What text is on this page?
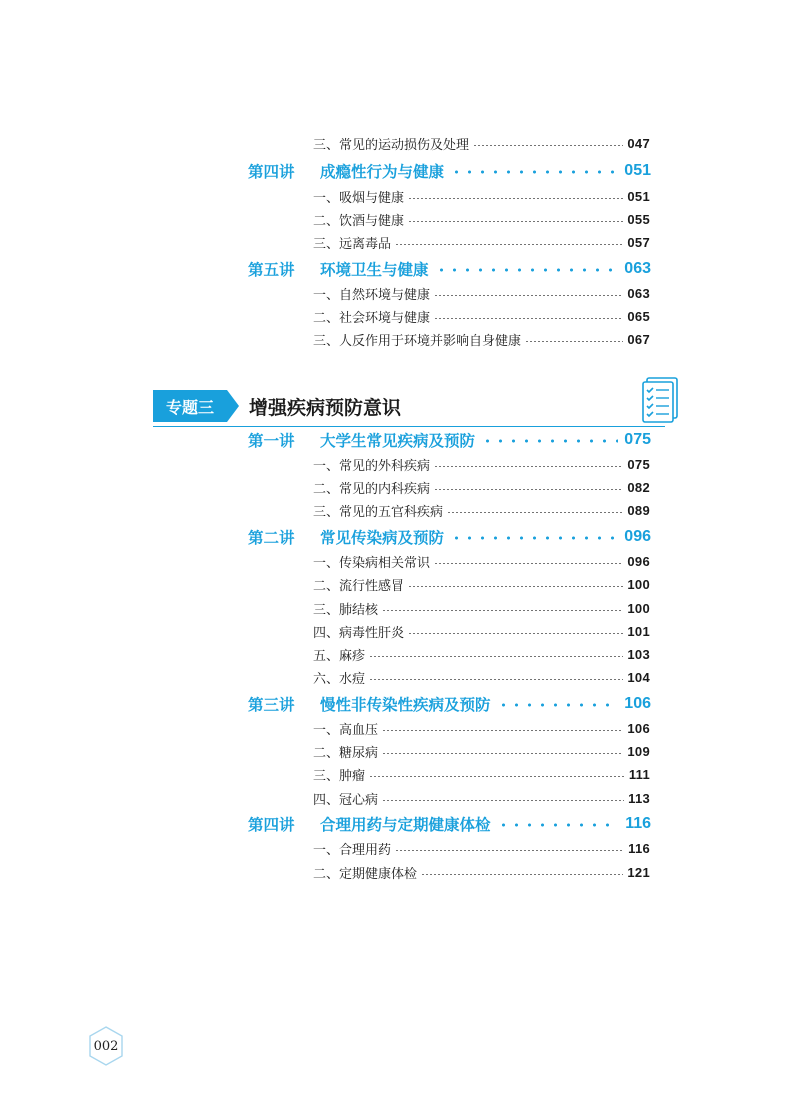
三、常见的运动损伤及处理	047
第四讲	成瘾性行为与健康	051
一、吸烟与健康	051
二、饮酒与健康	055
三、远离毒品	057
第五讲	环境卫生与健康	063
一、自然环境与健康	063
二、社会环境与健康	065
三、人反作用于环境并影响自身健康	067
专题三	增强疾病预防意识
第一讲	大学生常见疾病及预防	075
一、常见的外科疾病	075
二、常见的内科疾病	082
三、常见的五官科疾病	089
第二讲	常见传染病及预防	096
一、传染病相关常识	096
二、流行性感冒	100
三、肺结核	100
四、病毒性肝炎	101
五、麻疹	103
六、水痘	104
第三讲	慢性非传染性疾病及预防	106
一、高血压	106
二、糖尿病	109
三、肿瘤	111
四、冠心病	113
第四讲	合理用药与定期健康体检	116
一、合理用药	116
二、定期健康体检	121
002
